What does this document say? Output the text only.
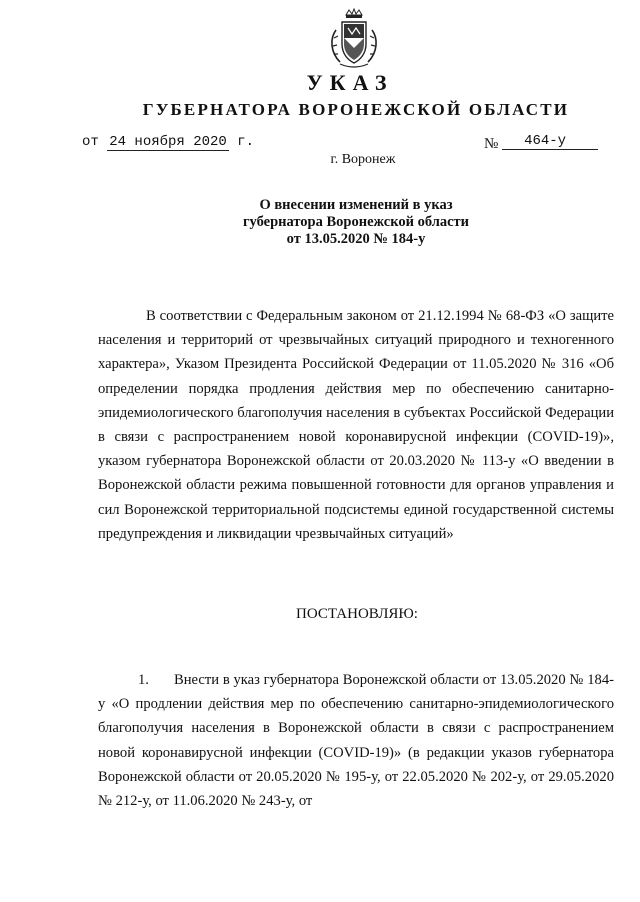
УКАЗ
ГУБЕРНАТОРА ВОРОНЕЖСКОЙ ОБЛАСТИ
от 24 ноября 2020 г.	№ 464-у
г. Воронеж
О внесении изменений в указ
губернатора Воронежской области
от 13.05.2020 № 184-у
В соответствии с Федеральным законом от 21.12.1994 № 68-ФЗ «О защите населения и территорий от чрезвычайных ситуаций природного и техногенного характера», Указом Президента Российской Федерации от 11.05.2020 № 316 «Об определении порядка продления действия мер по обеспечению санитарно-эпидемиологического благополучия населения в субъектах Российской Федерации в связи с распространением новой коронавирусной инфекции (COVID-19)», указом губернатора Воронежской области от 20.03.2020 № 113-у «О введении в Воронежской области режима повышенной готовности для органов управления и сил Воронежской территориальной подсистемы единой государственной системы предупреждения и ликвидации чрезвычайных ситуаций»
ПОСТАНОВЛЯЮ:
1. Внести в указ губернатора Воронежской области от 13.05.2020 № 184-у «О продлении действия мер по обеспечению санитарно-эпидемиологического благополучия населения в Воронежской области в связи с распространением новой коронавирусной инфекции (COVID-19)» (в редакции указов губернатора Воронежской области от 20.05.2020 № 195-у, от 22.05.2020 № 202-у, от 29.05.2020 № 212-у, от 11.06.2020 № 243-у, от
